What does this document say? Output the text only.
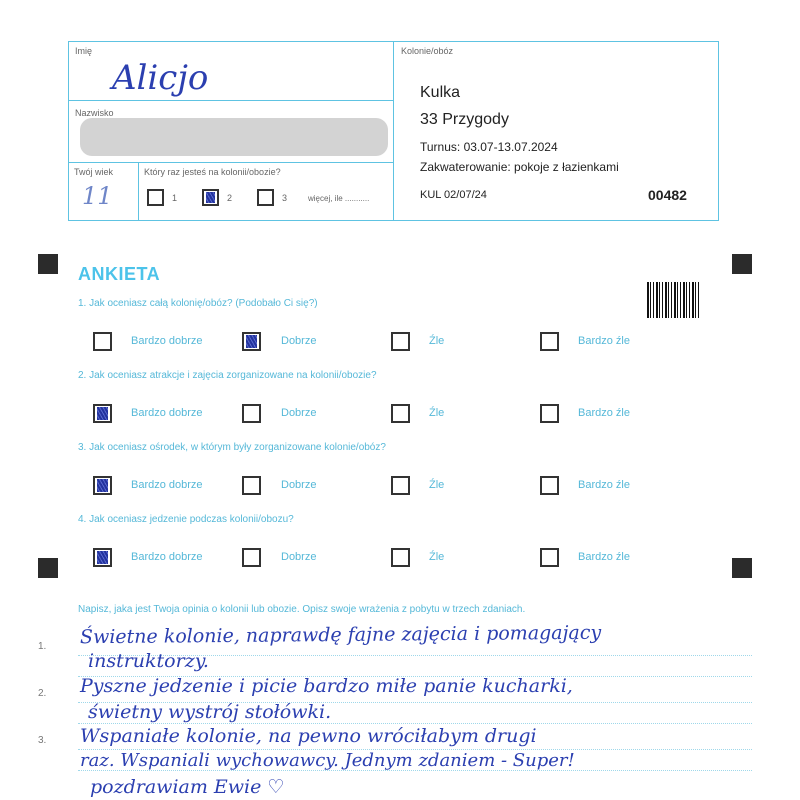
Imię
Alicjo
Nazwisko
Twój wiek
11
Który raz jesteś na kolonii/obozie?
1	2	3	więcej, ile ...........
Kolonie/obóz
Kulka
33 Przygody
Turnus: 03.07-13.07.2024
Zakwaterowanie: pokoje z łazienkami
KUL 02/07/24	00482
ANKIETA
1. Jak oceniasz całą kolonię/obóz? (Podobało Ci się?)
Bardzo dobrze	Dobrze	Źle	Bardzo źle
2. Jak oceniasz atrakcje i zajęcia zorganizowane na kolonii/obozie?
Bardzo dobrze	Dobrze	Źle	Bardzo źle
3. Jak oceniasz ośrodek, w którym były zorganizowane kolonie/obóz?
Bardzo dobrze	Dobrze	Źle	Bardzo źle
4. Jak oceniasz jedzenie podczas kolonii/obozu?
Bardzo dobrze	Dobrze	Źle	Bardzo źle
Napisz, jaka jest Twoja opinia o kolonii lub obozie. Opisz swoje wrażenia z pobytu w trzech zdaniach.
1.
2.
3.
Świetne kolonie, naprawdę fajne zajęcia i pomagający
instruktorzy.
Pyszne jedzenie i picie bardzo miłe panie kucharki,
świetny wystrój stołówki.
Wspaniałe kolonie, na pewno wróciłabym drugi
raz. Wspaniali wychowawcy. Jednym zdaniem - Super!
pozdrawiam Ewie ♡
